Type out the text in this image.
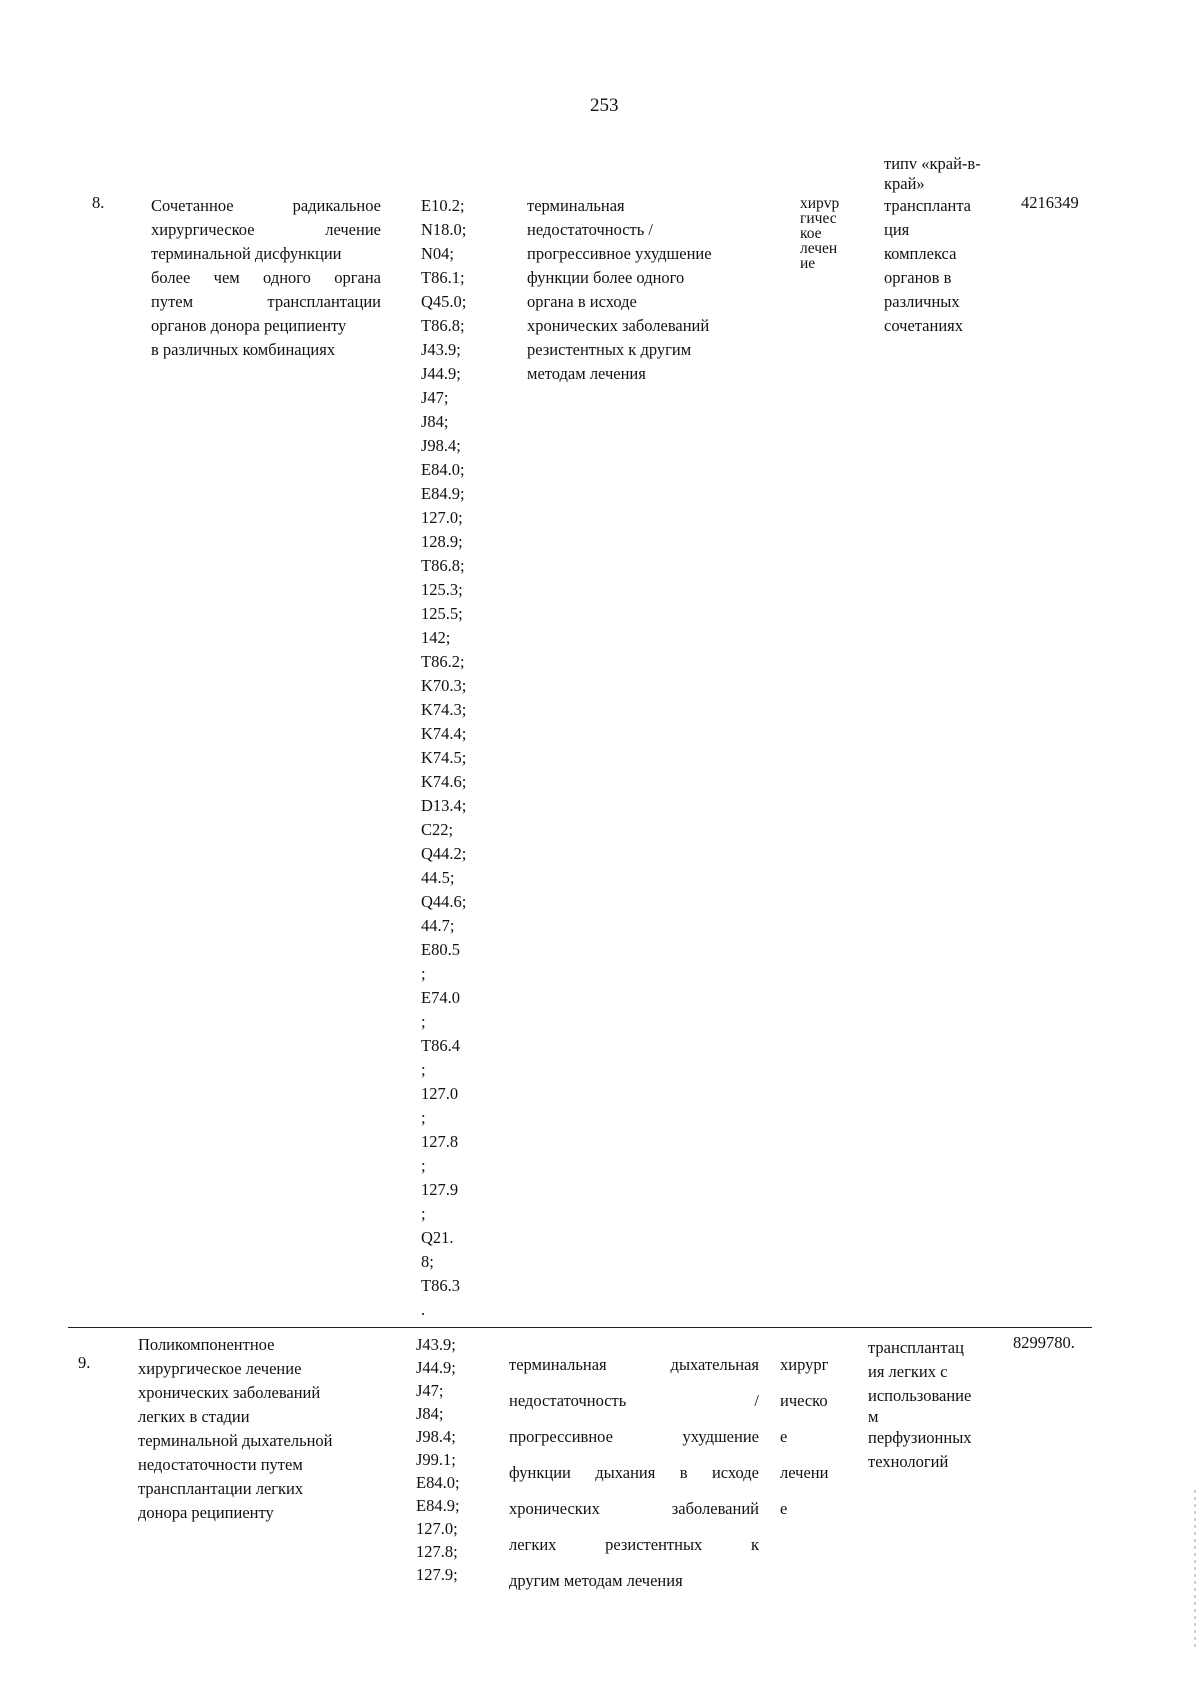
253
8.	Сочетанное радикальное
хирургическое лечение
терминальной дисфункции
более чем одного органа
путем трансплантации
органов донора реципиенту
в различных комбинациях
E10.2;
N18.0;
N04;
T86.1;
Q45.0;
T86.8;
J43.9;
J44.9;
J47;
J84;
J98.4;
E84.0;
E84.9;
127.0;
128.9;
T86.8;
125.3;
125.5;
142;
T86.2;
K70.3;
K74.3;
K74.4;
K74.5;
K74.6;
D13.4;
C22;
Q44.2;
44.5;
Q44.6;
44.7;
E80.5
;
E74.0
;
T86.4
;
127.0
;
127.8
;
127.9
;
Q21.
8;
T86.3
.
терминальная
недостаточность /
прогрессивное ухудшение
функции более одного
органа в исходе
хронических заболеваний
резистентных к другим
методам лечения
хирvp
гичес
кое
лечен
ие
типv «край-в-
край»
трансплантa
ция
комплекса
органов в
различных
сочетаниях
4216349
9.
Поликомпонентное
хирургическое лечение
хронических заболеваний
легких в стадии
терминальной дыхательной
недостаточности путем
трансплантации легких
донора реципиенту
J43.9;
J44.9;
J47;
J84;
J98.4;
J99.1;
E84.0;
E84.9;
127.0;
127.8;
127.9;
терминальная дыхательная
недостаточность /
прогрессивное ухудшение
функции дыхания в исходе
хронических заболеваний
легких резистентных к
другим методам лечения
хирург
ическо
е
лечени
е
трансплантац
ия легких с
использование
м
перфузионных
технологий
8299780.
